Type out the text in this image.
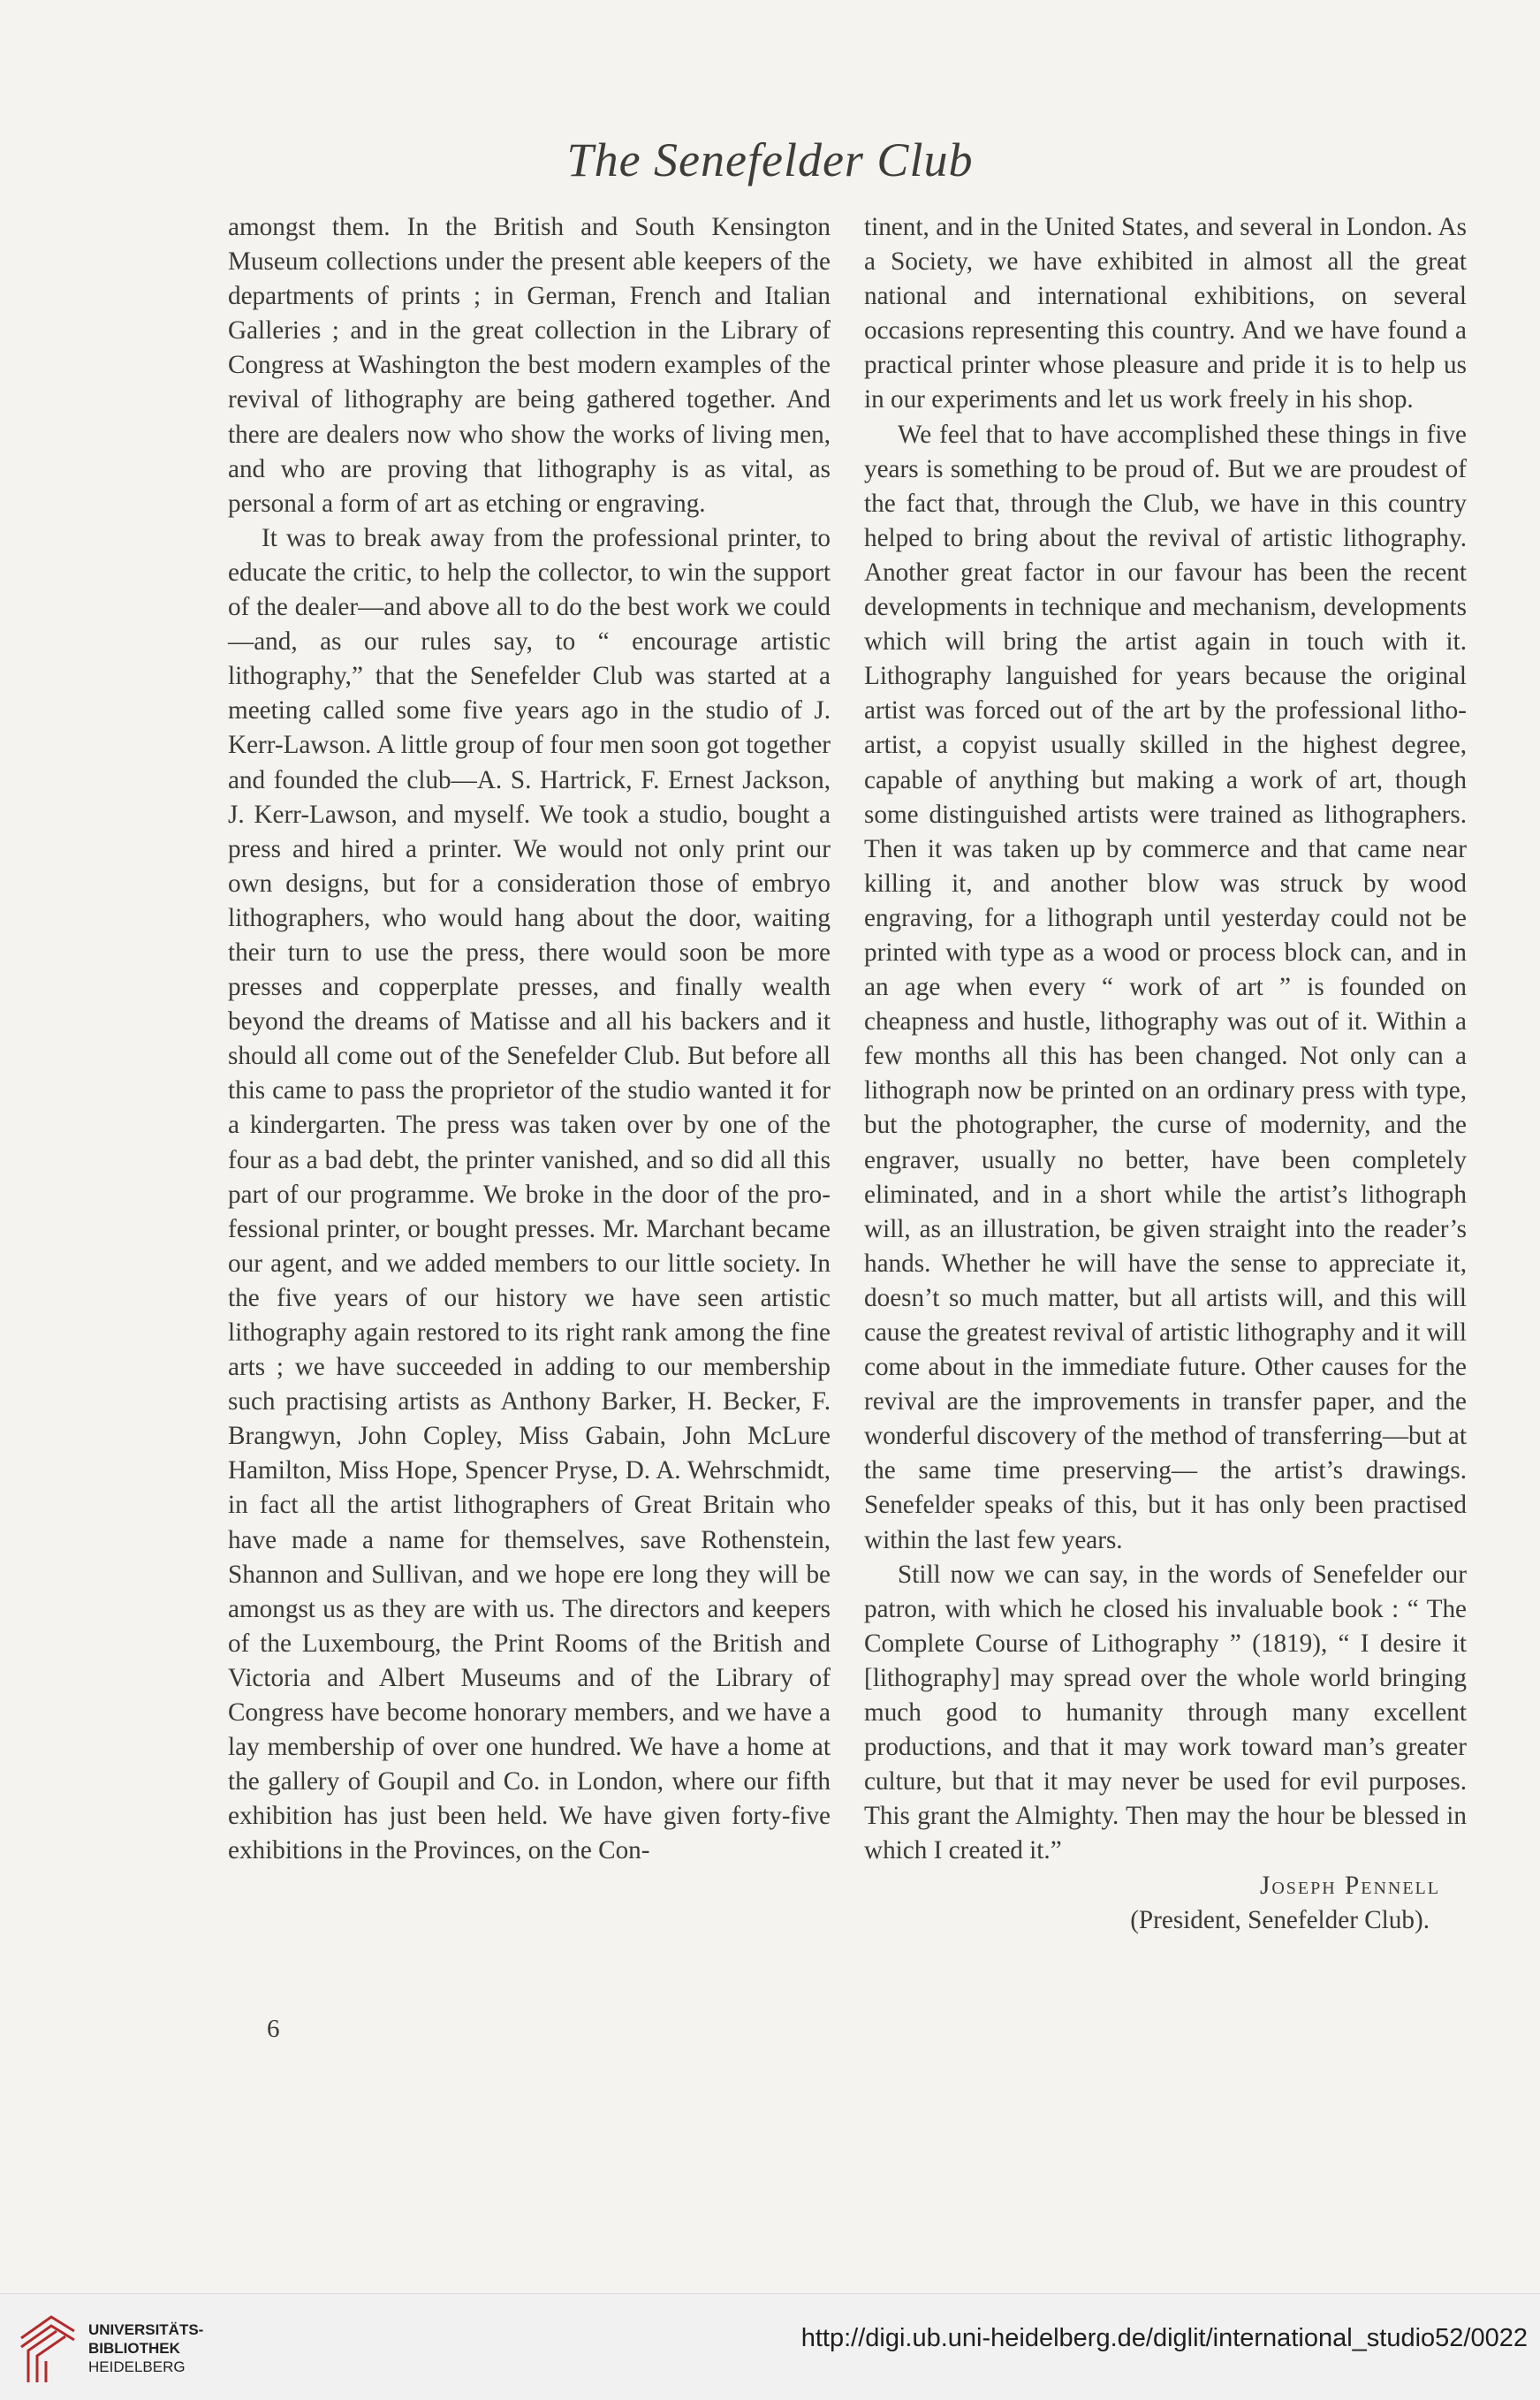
The Senefelder Club

amongst them. In the British and South Kensington Museum collections under the present able keepers of the departments of prints ; in German, French and Italian Galleries ; and in the great collection in the Library of Congress at Washington the best modern examples of the revival of lithography are being gathered together. And there are dealers now who show the works of living men, and who are proving that lithography is as vital, as personal a form of art as etching or engraving.

It was to break away from the professional printer, to educate the critic, to help the collector, to win the support of the dealer—and above all to do the best work we could—and, as our rules say, to “ encourage artistic lithography,” that the Senefelder Club was started at a meeting called some five years ago in the studio of J. Kerr-Lawson. A little group of four men soon got together and founded the club—A. S. Hartrick, F. Ernest Jackson, J. Kerr-Lawson, and myself. We took a studio, bought a press and hired a printer. We would not only print our own designs, but for a consideration those of embryo lithographers, who would hang about the door, waiting their turn to use the press, there would soon be more presses and copperplate presses, and finally wealth beyond the dreams of Matisse and all his backers and it should all come out of the Senefelder Club. But before all this came to pass the proprietor of the studio wanted it for a kindergarten. The press was taken over by one of the four as a bad debt, the printer vanished, and so did all this part of our programme. We broke in the door of the professional printer, or bought presses. Mr. Marchant became our agent, and we added members to our little society. In the five years of our history we have seen artistic lithography again restored to its right rank among the fine arts ; we have succeeded in adding to our membership such practising artists as Anthony Barker, H. Becker, F. Brangwyn, John Copley, Miss Gabain, John McLure Hamilton, Miss Hope, Spencer Pryse, D. A. Wehrschmidt, in fact all the artist lithographers of Great Britain who have made a name for themselves, save Rothenstein, Shannon and Sullivan, and we hope ere long they will be amongst us as they are with us. The directors and keepers of the Luxembourg, the Print Rooms of the British and Victoria and Albert Museums and of the Library of Congress have become honorary members, and we have a lay membership of over one hundred. We have a home at the gallery of Goupil and Co. in London, where our fifth exhibition has just been held. We have given forty-five exhibitions in the Provinces, on the Con-

tinent, and in the United States, and several in London. As a Society, we have exhibited in almost all the great national and international exhibitions, on several occasions representing this country. And we have found a practical printer whose pleasure and pride it is to help us in our experiments and let us work freely in his shop.

We feel that to have accomplished these things in five years is something to be proud of. But we are proudest of the fact that, through the Club, we have in this country helped to bring about the revival of artistic lithography. Another great factor in our favour has been the recent developments in technique and mechanism, developments which will bring the artist again in touch with it. Lithography languished for years because the original artist was forced out of the art by the professional lithoartist, a copyist usually skilled in the highest degree, capable of anything but making a work of art, though some distinguished artists were trained as lithographers. Then it was taken up by commerce and that came near killing it, and another blow was struck by wood engraving, for a lithograph until yesterday could not be printed with type as a wood or process block can, and in an age when every “ work of art ” is founded on cheapness and hustle, lithography was out of it. Within a few months all this has been changed. Not only can a lithograph now be printed on an ordinary press with type, but the photographer, the curse of modernity, and the engraver, usually no better, have been completely eliminated, and in a short while the artist’s lithograph will, as an illustration, be given straight into the reader’s hands. Whether he will have the sense to appreciate it, doesn’t so much matter, but all artists will, and this will cause the greatest revival of artistic lithography and it will come about in the immediate future. Other causes for the revival are the improvements in transfer paper, and the wonderful discovery of the method of transferring—but at the same time preserving— the artist’s drawings. Senefelder speaks of this, but it has only been practised within the last few years.

Still now we can say, in the words of Senefelder our patron, with which he closed his invaluable book : “ The Complete Course of Lithography ” (1819), “ I desire it [lithography] may spread over the whole world bringing much good to humanity through many excellent productions, and that it may work toward man’s greater culture, but that it may never be used for evil purposes. This grant the Almighty. Then may the hour be blessed in which I created it.”

Joseph Pennell
(President, Senefelder Club).
6
UNIVERSITÄTS-
BIBLIOTHEK
HEIDELBERG
http://digi.ub.uni-heidelberg.de/diglit/international_studio52/0022
